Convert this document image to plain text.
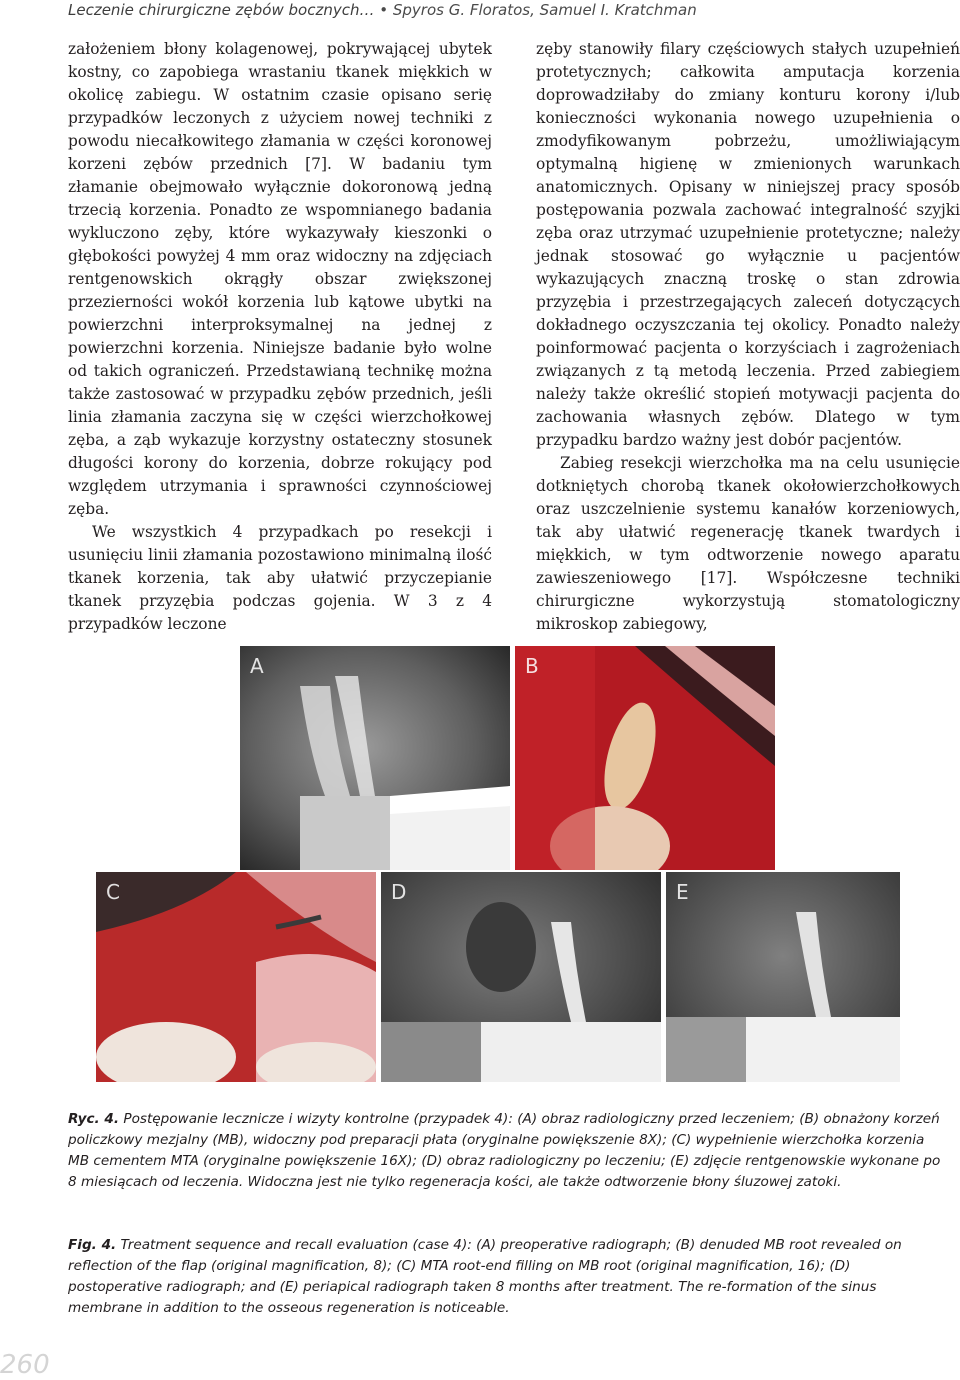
Leczenie chirurgiczne zębów bocznych… • Spyros G. Floratos, Samuel I. Kratchman

założeniem błony kolagenowej, pokrywającej ubytek kostny, co zapobiega wrastaniu tkanek miękkich w okolicę zabiegu. W ostatnim czasie opisano serię przypadków leczonych z użyciem nowej techniki z powodu niecałkowitego złamania w części koronowej korzeni zębów przednich [7]. W badaniu tym złamanie obejmowało wyłącznie dokoronową jedną trzecią korzenia. Ponadto ze wspomnianego badania wykluczono zęby, które wykazywały kieszonki o głębokości powyżej 4 mm oraz widoczny na zdjęciach rentgenowskich okrągły obszar zwiększonej przezierności wokół korzenia lub kątowe ubytki na powierzchni interproksymalnej na jednej z powierzchni korzenia. Niniejsze badanie było wolne od takich ograniczeń. Przedstawianą technikę można także zastosować w przypadku zębów przednich, jeśli linia złamania zaczyna się w części wierzchołkowej zęba, a ząb wykazuje korzystny ostateczny stosunek długości korony do korzenia, dobrze rokujący pod względem utrzymania i sprawności czynnościowej zęba.

We wszystkich 4 przypadkach po resekcji i usunięciu linii złamania pozostawiono minimalną ilość tkanek korzenia, tak aby ułatwić przyczepianie tkanek przyzębia podczas gojenia. W 3 z 4 przypadków leczone

zęby stanowiły filary częściowych stałych uzupełnień protetycznych; całkowita amputacja korzenia doprowadziłaby do zmiany konturu korony i/lub konieczności wykonania nowego uzupełnienia o zmodyfikowanym pobrzeżu, umożliwiającym optymalną higienę w zmienionych warunkach anatomicznych. Opisany w niniejszej pracy sposób postępowania pozwala zachować integralność szyjki zęba oraz utrzymać uzupełnienie protetyczne; należy jednak stosować go wyłącznie u pacjentów wykazujących znaczną troskę o stan zdrowia przyzębia i przestrzegających zaleceń dotyczących dokładnego oczyszczania tej okolicy. Ponadto należy poinformować pacjenta o korzyściach i zagrożeniach związanych z tą metodą leczenia. Przed zabiegiem należy także określić stopień motywacji pacjenta do zachowania własnych zębów. Dlatego w tym przypadku bardzo ważny jest dobór pacjentów.

Zabieg resekcji wierzchołka ma na celu usunięcie dotkniętych chorobą tkanek okołowierzchołkowych oraz uszczelnienie systemu kanałów korzeniowych, tak aby ułatwić regenerację tkanek twardych i miękkich, w tym odtworzenie nowego aparatu zawieszeniowego [17]. Współczesne techniki chirurgiczne wykorzystują stomatologiczny mikroskop zabiegowy,

A	B
C	D	E
Ryc. 4. Postępowanie lecznicze i wizyty kontrolne (przypadek 4): (A) obraz radiologiczny przed leczeniem; (B) obnażony korzeń policzkowy mezjalny (MB), widoczny pod preparacji płata (oryginalne powiększenie 8X); (C) wypełnienie wierzchołka korzenia MB cementem MTA (oryginalne powiększenie 16X); (D) obraz radiologiczny po leczeniu; (E) zdjęcie rentgenowskie wykonane po 8 miesiącach od leczenia. Widoczna jest nie tylko regeneracja kości, ale także odtworzenie błony śluzowej zatoki.
Fig. 4. Treatment sequence and recall evaluation (case 4): (A) preoperative radiograph; (B) denuded MB root revealed on reflection of the flap (original magnification, 8); (C) MTA root-end filling on MB root (original magnification, 16); (D) postoperative radiograph; and (E) periapical radiograph taken 8 months after treatment. The re-formation of the sinus membrane in addition to the osseous regeneration is noticeable.
260
